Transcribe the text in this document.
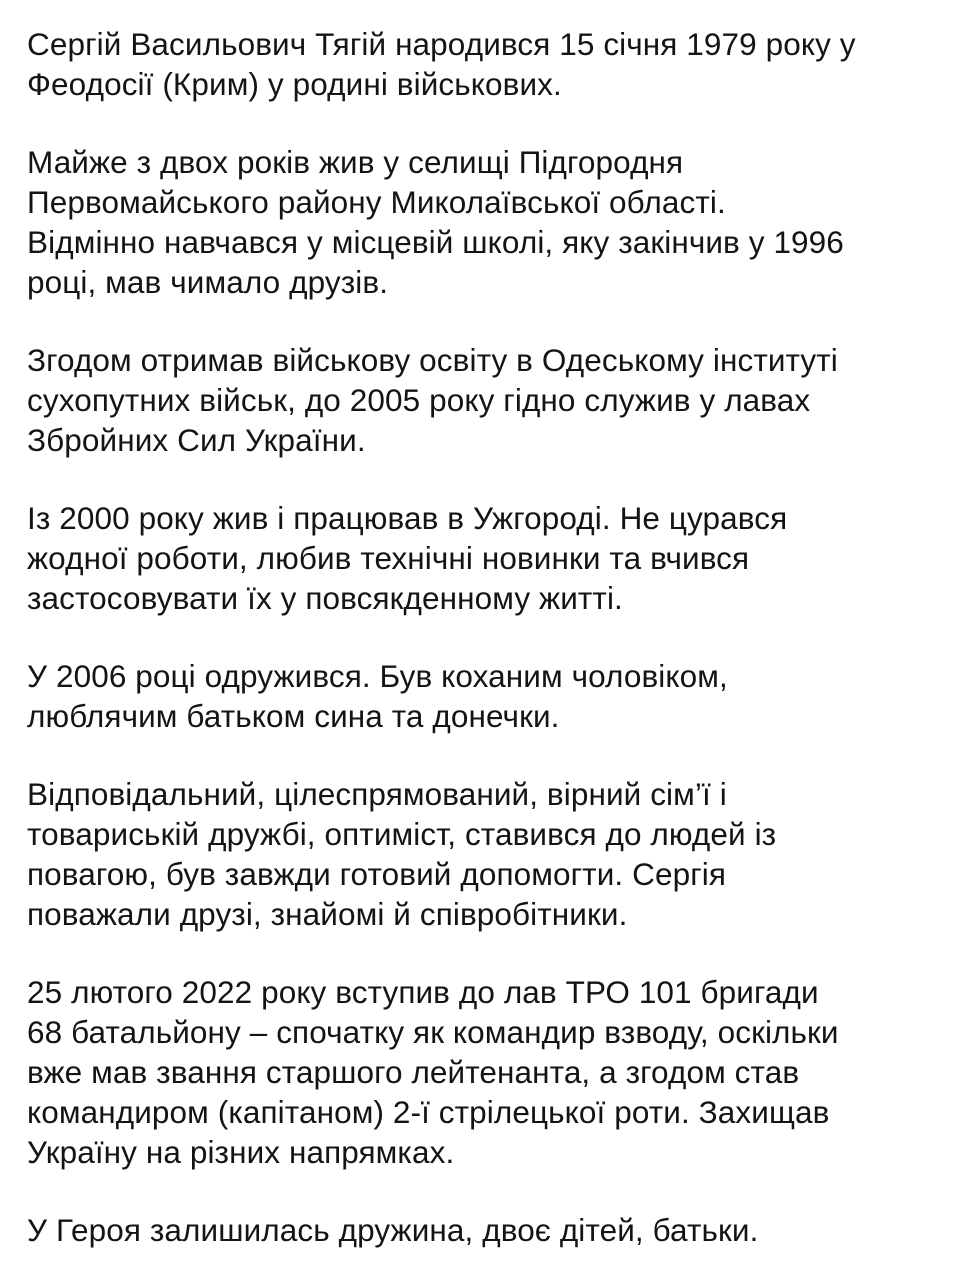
Сергій Васильович Тягій народився 15 січня 1979 року у
Феодосії (Крим) у родині військових.

Майже з двох років жив у селищі Підгородня
Первомайського району Миколаївської області.
Відмінно навчався у місцевій школі, яку закінчив у 1996
році, мав чимало друзів.

Згодом отримав військову освіту в Одеському інституті
сухопутних військ, до 2005 року гідно служив у лавах
Збройних Сил України.

Із 2000 року жив і працював в Ужгороді. Не цурався
жодної роботи, любив технічні новинки та вчився
застосовувати їх у повсякденному житті.

У 2006 році одружився. Був коханим чоловіком,
люблячим батьком сина та донечки.

Відповідальний, цілеспрямований, вірний сім’ї і
товариській дружбі, оптиміст, ставився до людей із
повагою, був завжди готовий допомогти. Сергія
поважали друзі, знайомі й співробітники.

25 лютого 2022 року вступив до лав ТРО 101 бригади
68 батальйону – спочатку як командир взводу, оскільки
вже мав звання старшого лейтенанта, а згодом став
командиром (капітаном) 2-ї стрілецької роти. Захищав
Україну на різних напрямках.

У Героя залишилась дружина, двоє дітей, батьки.
